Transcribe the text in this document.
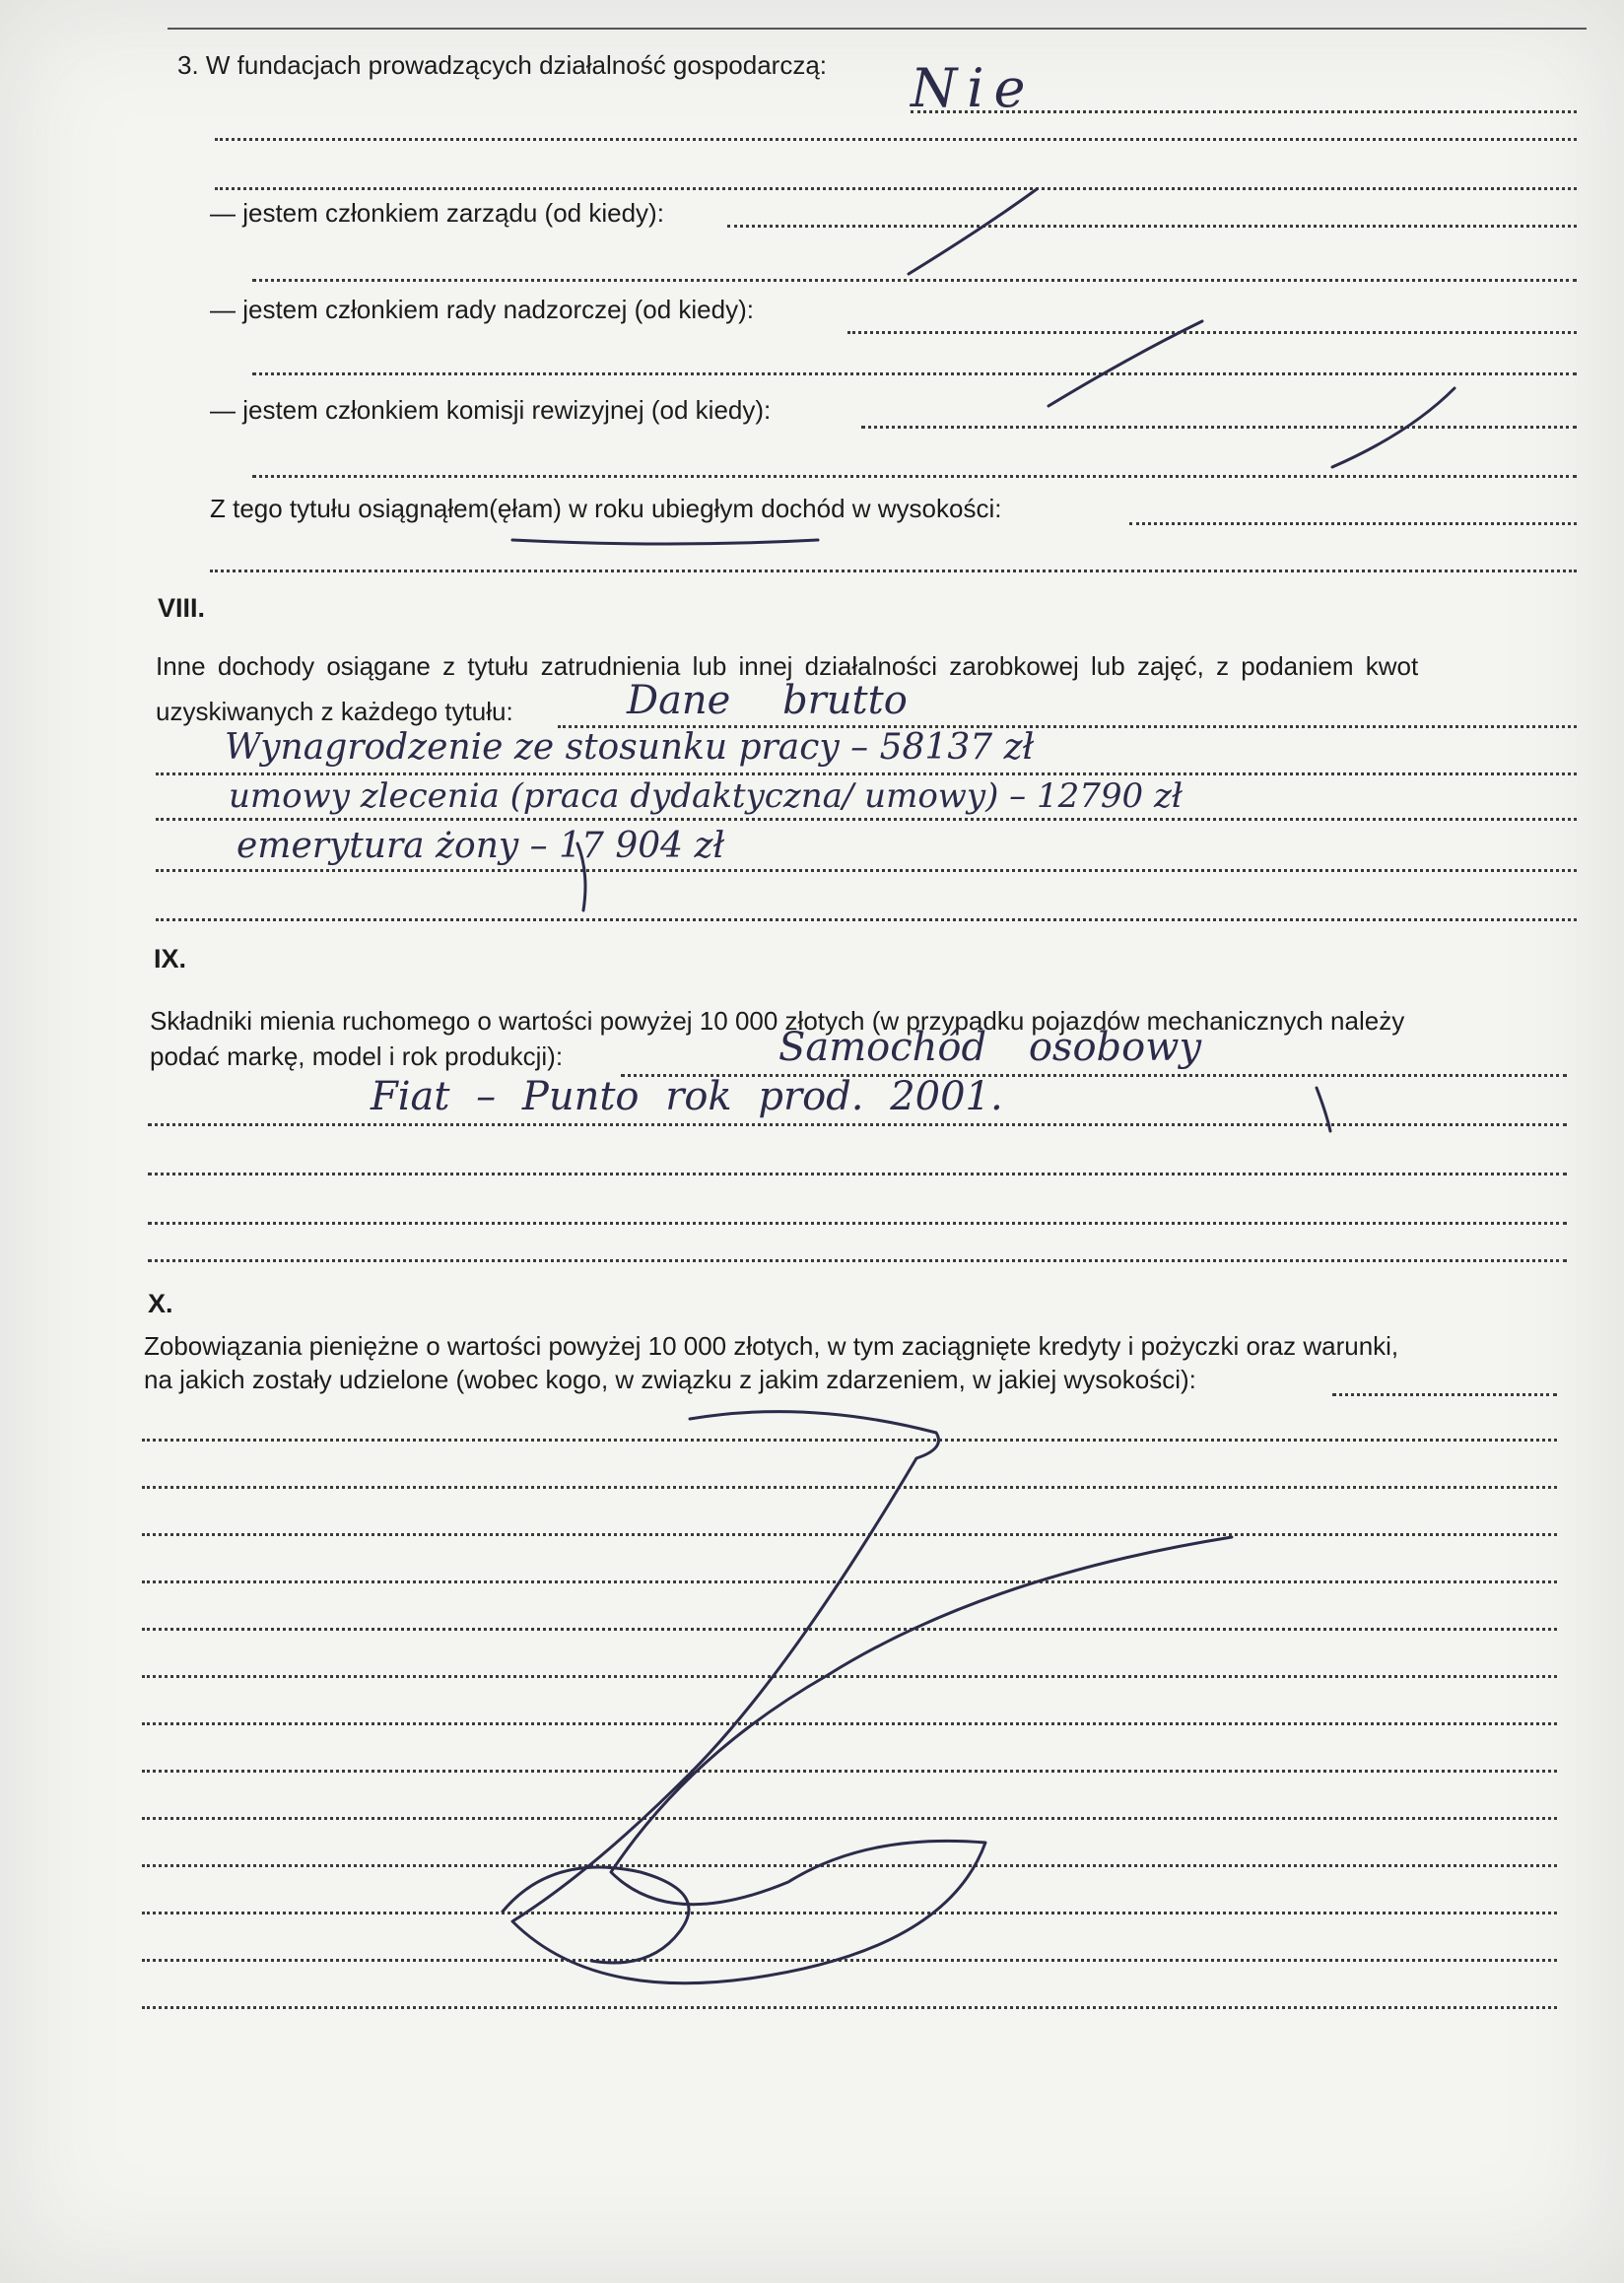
3. W fundacjach prowadzących działalność gospodarczą: Nie
— jestem członkiem zarządu (od kiedy):
— jestem członkiem rady nadzorczej (od kiedy):
— jestem członkiem komisji rewizyjnej (od kiedy):
Z tego tytułu osiągnąłem(ęłam) w roku ubiegłym dochód w wysokości:
VIII.
Inne dochody osiągane z tytułu zatrudnienia lub innej działalności zarobkowej lub zajęć, z podaniem kwot
uzyskiwanych z każdego tytułu:	Dane brutto
Wynagrodzenie ze stosunku pracy – 58137 zł
umowy zlecenia (praca dydaktyczna/ umowy) – 12790 zł
emerytura żony – 17 904 zł
IX.
Składniki mienia ruchomego o wartości powyżej 10 000 złotych (w przypadku pojazdów mechanicznych należy
podać markę, model i rok produkcji):	Samochód osobowy
Fiat – Punto rok prod. 2001.
X.
Zobowiązania pieniężne o wartości powyżej 10 000 złotych, w tym zaciągnięte kredyty i pożyczki oraz warunki,
na jakich zostały udzielone (wobec kogo, w związku z jakim zdarzeniem, w jakiej wysokości):
